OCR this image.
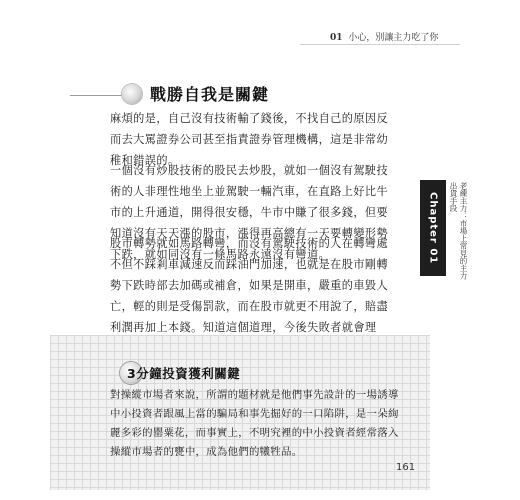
01 小心，別讓主力吃了你
戰勝自我是關鍵

麻煩的是，自己沒有技術輸了錢後，不找自己的原因反而去大罵證券公司甚至指責證券管理機構，這是非常幼稚和錯誤的。

一個沒有炒股技術的股民去炒股，就如一個沒有駕駛技術的人非理性地坐上並駕駛一輛汽車，在直路上好比牛市的上升通道，開得很安穩，牛市中賺了很多錢，但要知道沒有天天漲的股市，漲得再高總有一天要轉變形勢下跌，就如同沒有一條馬路永遠沒有彎道。

股市轉勢就如馬路轉彎，而沒有駕駛技術的人在轉彎處不但不踩剎車減速反而踩油門加速，也就是在股市剛轉勢下跌時部去加碼或補倉，如果是開車，嚴重的車毀人亡，輕的則是受傷罰款，而在股市就更不用說了，賠盡利潤再加上本錢。知道這個道理，今後失敗者就會理

Chapter 01	老練主力：市場上常見的主力出貨手段
3分鐘投資獲利關鍵

對操縱市場者來說，所謂的題材就是他們事先設計的一場誘導中小投資者跟風上當的騙局和事先掘好的一口陷阱，是一朵絢麗多彩的罌粟花，而事實上，不明究裡的中小投資者經常落入操縱市場者的甕中，成為他們的犧牲品。

161
